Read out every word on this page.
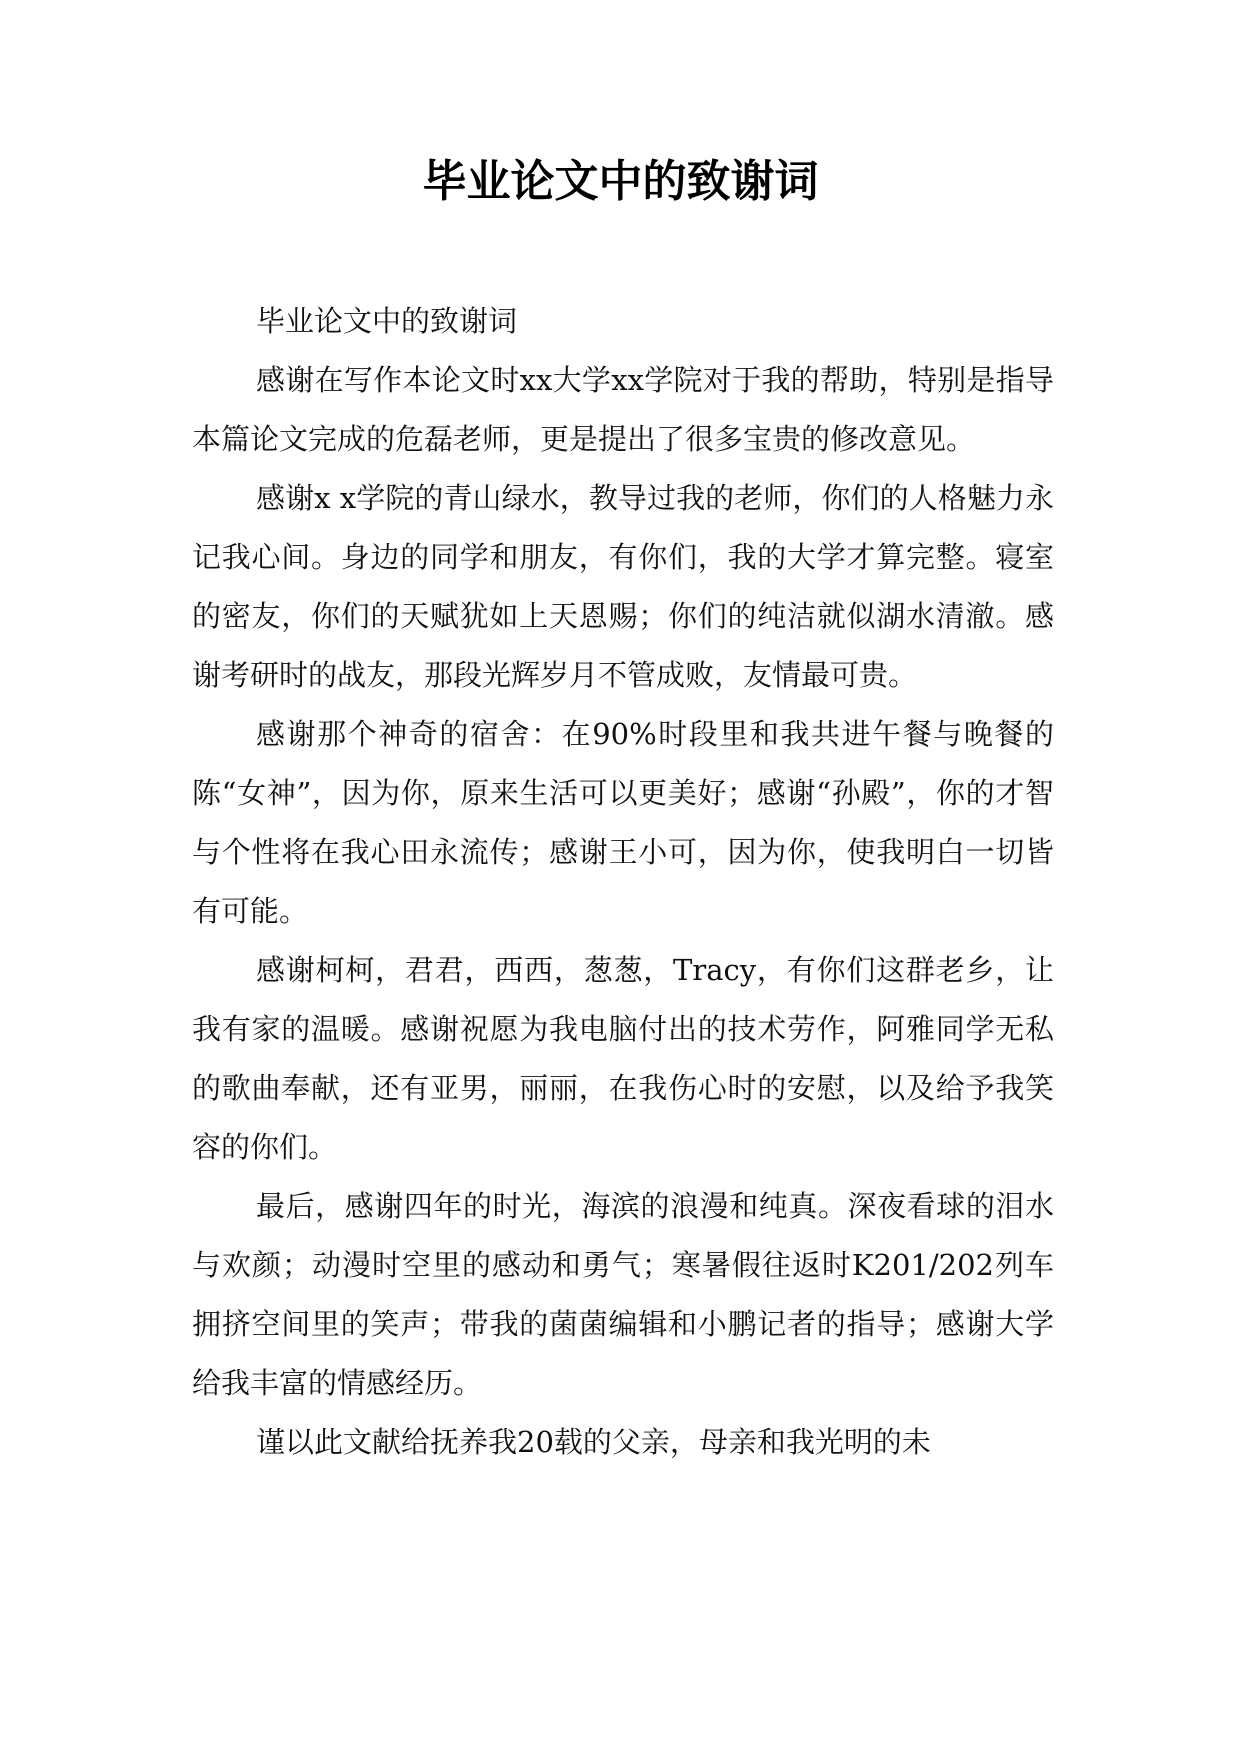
毕业论文中的致谢词

毕业论文中的致谢词

感谢在写作本论文时xx大学xx学院对于我的帮助，特别是指导本篇论文完成的危磊老师，更是提出了很多宝贵的修改意见。

感谢x x学院的青山绿水，教导过我的老师，你们的人格魅力永记我心间。身边的同学和朋友，有你们，我的大学才算完整。寝室的密友，你们的天赋犹如上天恩赐；你们的纯洁就似湖水清澈。感谢考研时的战友，那段光辉岁月不管成败，友情最可贵。

感谢那个神奇的宿舍：在90%时段里和我共进午餐与晚餐的陈“女神”，因为你，原来生活可以更美好；感谢“孙殿”，你的才智与个性将在我心田永流传；感谢王小可，因为你，使我明白一切皆有可能。

感谢柯柯，君君，西西，葱葱，Tracy，有你们这群老乡，让我有家的温暖。感谢祝愿为我电脑付出的技术劳作，阿雅同学无私的歌曲奉献，还有亚男，丽丽，在我伤心时的安慰，以及给予我笑容的你们。

最后，感谢四年的时光，海滨的浪漫和纯真。深夜看球的泪水与欢颜；动漫时空里的感动和勇气；寒暑假往返时K201/202列车拥挤空间里的笑声；带我的菌菌编辑和小鹏记者的指导；感谢大学给我丰富的情感经历。

谨以此文献给抚养我20载的父亲，母亲和我光明的未
